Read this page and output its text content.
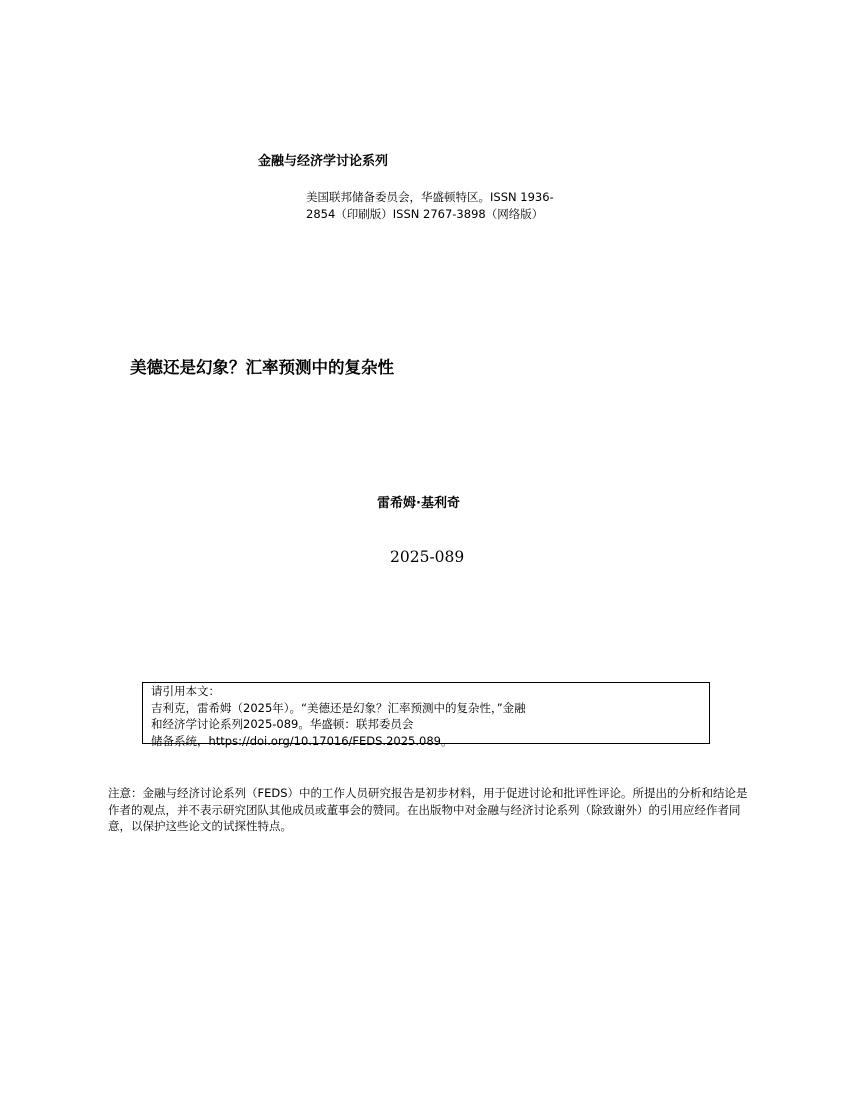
金融与经济学讨论系列
美国联邦储备委员会，华盛顿特区。ISSN 1936-2854（印刷版）ISSN 2767-3898（网络版）
美德还是幻象？汇率预测中的复杂性
雷希姆·基利奇
2025-089
请引用本文：
吉利克，雷希姆（2025年）。“美德还是幻象？汇率预测中的复杂性，”金融
和经济学讨论系列2025-089。华盛顿：联邦委员会
储备系统，https://doi.org/10.17016/FEDS.2025.089。
注意：金融与经济讨论系列（FEDS）中的工作人员研究报告是初步材料，用于促进讨论和批评性评论。所提出的分析和结论是作者的观点，并不表示研究团队其他成员或董事会的赞同。在出版物中对金融与经济讨论系列（除致谢外）的引用应经作者同意，以保护这些论文的试探性特点。
